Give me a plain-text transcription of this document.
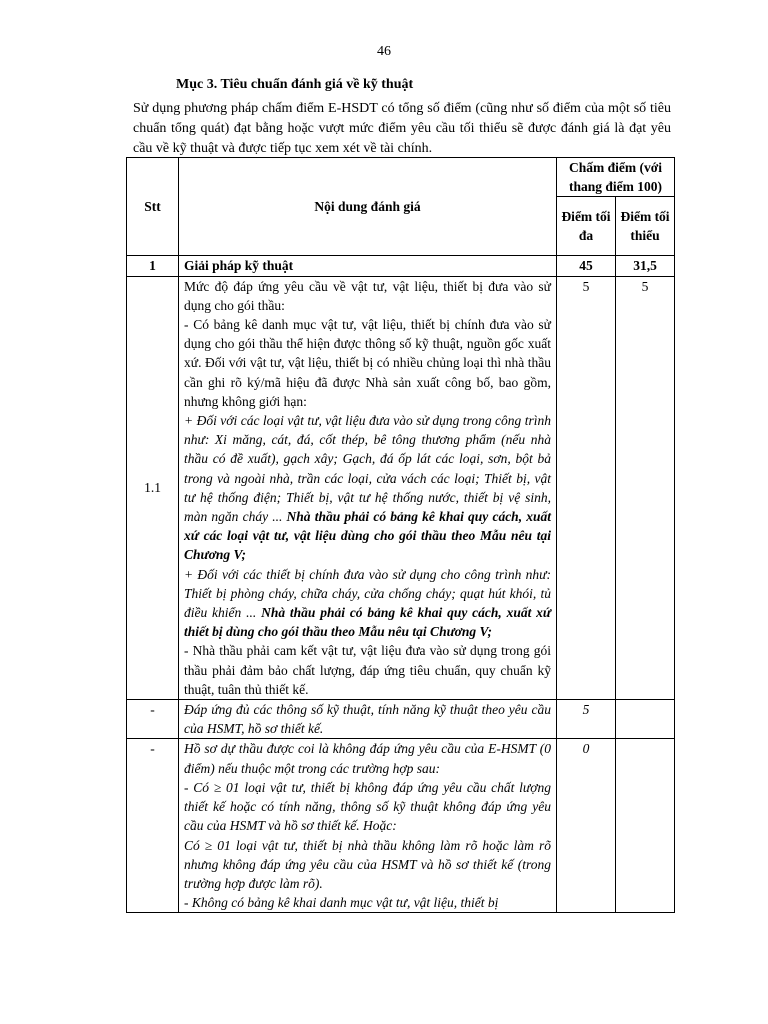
46
Mục 3. Tiêu chuẩn đánh giá về kỹ thuật
Sử dụng phương pháp chấm điểm E-HSDT có tổng số điểm (cũng như số điểm của một số tiêu chuẩn tổng quát) đạt bằng hoặc vượt mức điểm yêu cầu tối thiểu sẽ được đánh giá là đạt yêu cầu về kỹ thuật và được tiếp tục xem xét về tài chính.
Stt	Nội dung đánh giá	Chấm điểm (với thang điểm 100)	
		Điểm tối đa	Điểm tối thiểu
1	Giải pháp kỹ thuật	45	31,5
1.1	Mức độ đáp ứng yêu cầu về vật tư, vật liệu, thiết bị đưa vào sử dụng cho gói thầu:

- Có bảng kê danh mục vật tư, vật liệu, thiết bị chính đưa vào sử dụng cho gói thầu thể hiện được thông số kỹ thuật, nguồn gốc xuất xứ. Đối với vật tư, vật liệu, thiết bị có nhiều chủng loại thì nhà thầu cần ghi rõ ký/mã hiệu đã được Nhà sản xuất công bố, bao gồm, nhưng không giới hạn:

+ Đối với các loại vật tư, vật liệu đưa vào sử dụng trong công trình như: Xi măng, cát, đá, cốt thép, bê tông thương phẩm (nếu nhà thầu có đề xuất), gạch xây; Gạch, đá ốp lát các loại, sơn, bột bả trong và ngoài nhà, trần các loại, cửa vách các loại; Thiết bị, vật tư hệ thống điện; Thiết bị, vật tư hệ thống nước, thiết bị vệ sinh, màn ngăn cháy ... Nhà thầu phải có bảng kê khai quy cách, xuất xứ các loại vật tư, vật liệu dùng cho gói thầu theo Mẫu nêu tại Chương V;

+ Đối với các thiết bị chính đưa vào sử dụng cho công trình như: Thiết bị phòng cháy, chữa cháy, cửa chống cháy; quạt hút khói, tủ điều khiển ... Nhà thầu phải có bảng kê khai quy cách, xuất xứ thiết bị dùng cho gói thầu theo Mẫu nêu tại Chương V;

- Nhà thầu phải cam kết vật tư, vật liệu đưa vào sử dụng trong gói thầu phải đảm bảo chất lượng, đáp ứng tiêu chuẩn, quy chuẩn kỹ thuật, tuân thủ thiết kế.	5	5
-	Đáp ứng đủ các thông số kỹ thuật, tính năng kỹ thuật theo yêu cầu của HSMT, hồ sơ thiết kế.	5	
-	Hồ sơ dự thầu được coi là không đáp ứng yêu cầu của E-HSMT (0 điểm) nếu thuộc một trong các trường hợp sau:

- Có ≥ 01 loại vật tư, thiết bị không đáp ứng yêu cầu chất lượng thiết kế hoặc có tính năng, thông số kỹ thuật không đáp ứng yêu cầu của HSMT và hồ sơ thiết kế. Hoặc:

Có ≥ 01 loại vật tư, thiết bị nhà thầu không làm rõ hoặc làm rõ nhưng không đáp ứng yêu cầu của HSMT và hồ sơ thiết kế (trong trường hợp được làm rõ).

- Không có bảng kê khai danh mục vật tư, vật liệu, thiết bị	0	
